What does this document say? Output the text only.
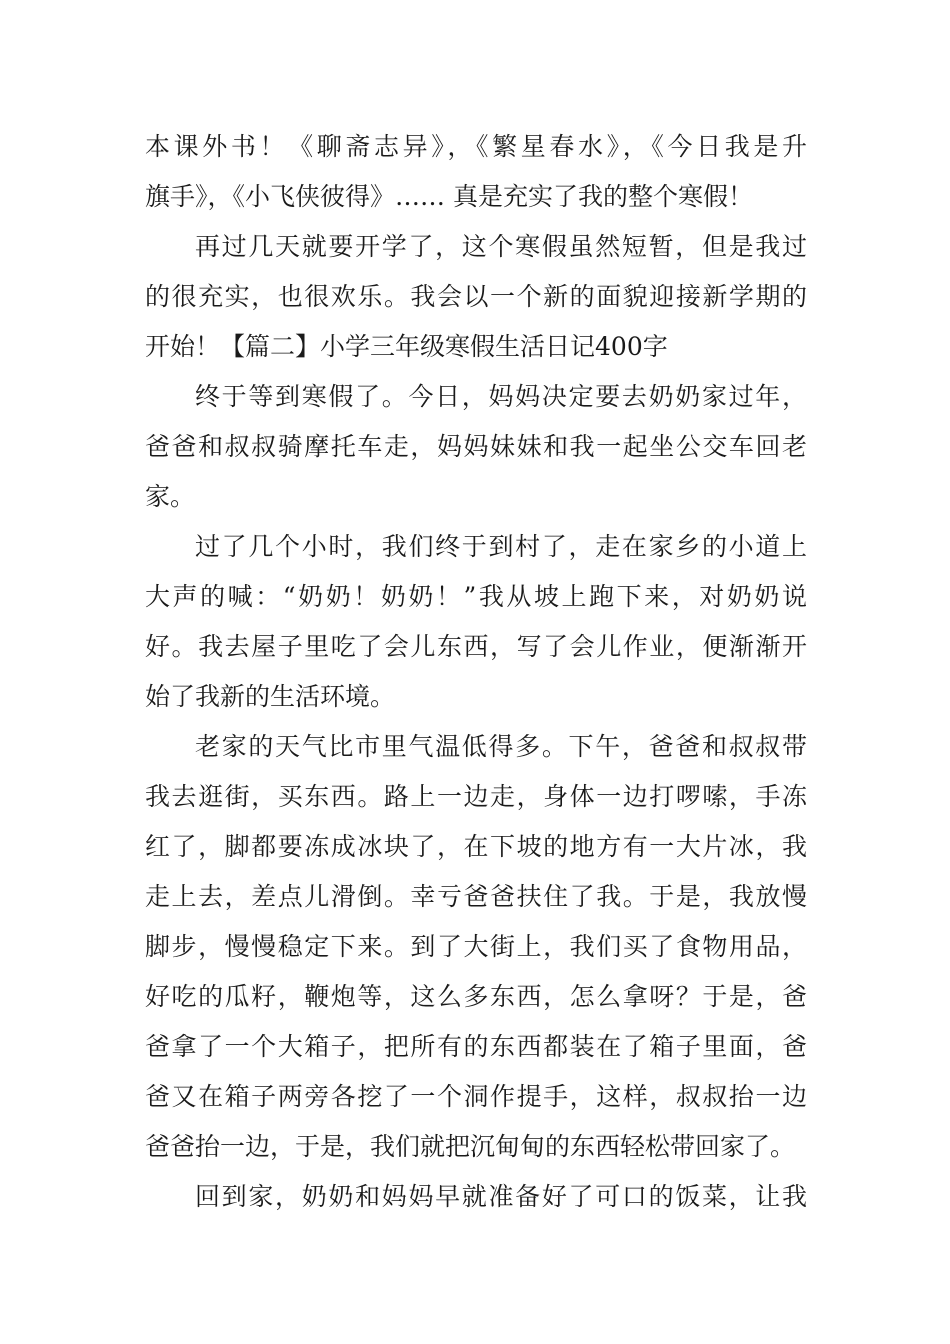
本课外书！《聊斋志异》，《繁星春水》，《今日我是升
旗手》，《小飞侠彼得》…… 真是充实了我的整个寒假！
再过几天就要开学了，这个寒假虽然短暂，但是我过
的很充实，也很欢乐。我会以一个新的面貌迎接新学期的
开始！【篇二】小学三年级寒假生活日记400字
终于等到寒假了。今日，妈妈决定要去奶奶家过年，
爸爸和叔叔骑摩托车走，妈妈妹妹和我一起坐公交车回老
家。
过了几个小时，我们终于到村了，走在家乡的小道上
大声的喊：“奶奶！奶奶！”我从坡上跑下来，对奶奶说
好。我去屋子里吃了会儿东西，写了会儿作业，便渐渐开
始了我新的生活环境。
老家的天气比市里气温低得多。下午，爸爸和叔叔带
我去逛街，买东西。路上一边走，身体一边打啰嗦，手冻
红了，脚都要冻成冰块了，在下坡的地方有一大片冰，我
走上去，差点儿滑倒。幸亏爸爸扶住了我。于是，我放慢
脚步，慢慢稳定下来。到了大街上，我们买了食物用品，
好吃的瓜籽，鞭炮等，这么多东西，怎么拿呀？于是，爸
爸拿了一个大箱子，把所有的东西都装在了箱子里面，爸
爸又在箱子两旁各挖了一个洞作提手，这样，叔叔抬一边
爸爸抬一边，于是，我们就把沉甸甸的东西轻松带回家了。
回到家，奶奶和妈妈早就准备好了可口的饭菜，让我
